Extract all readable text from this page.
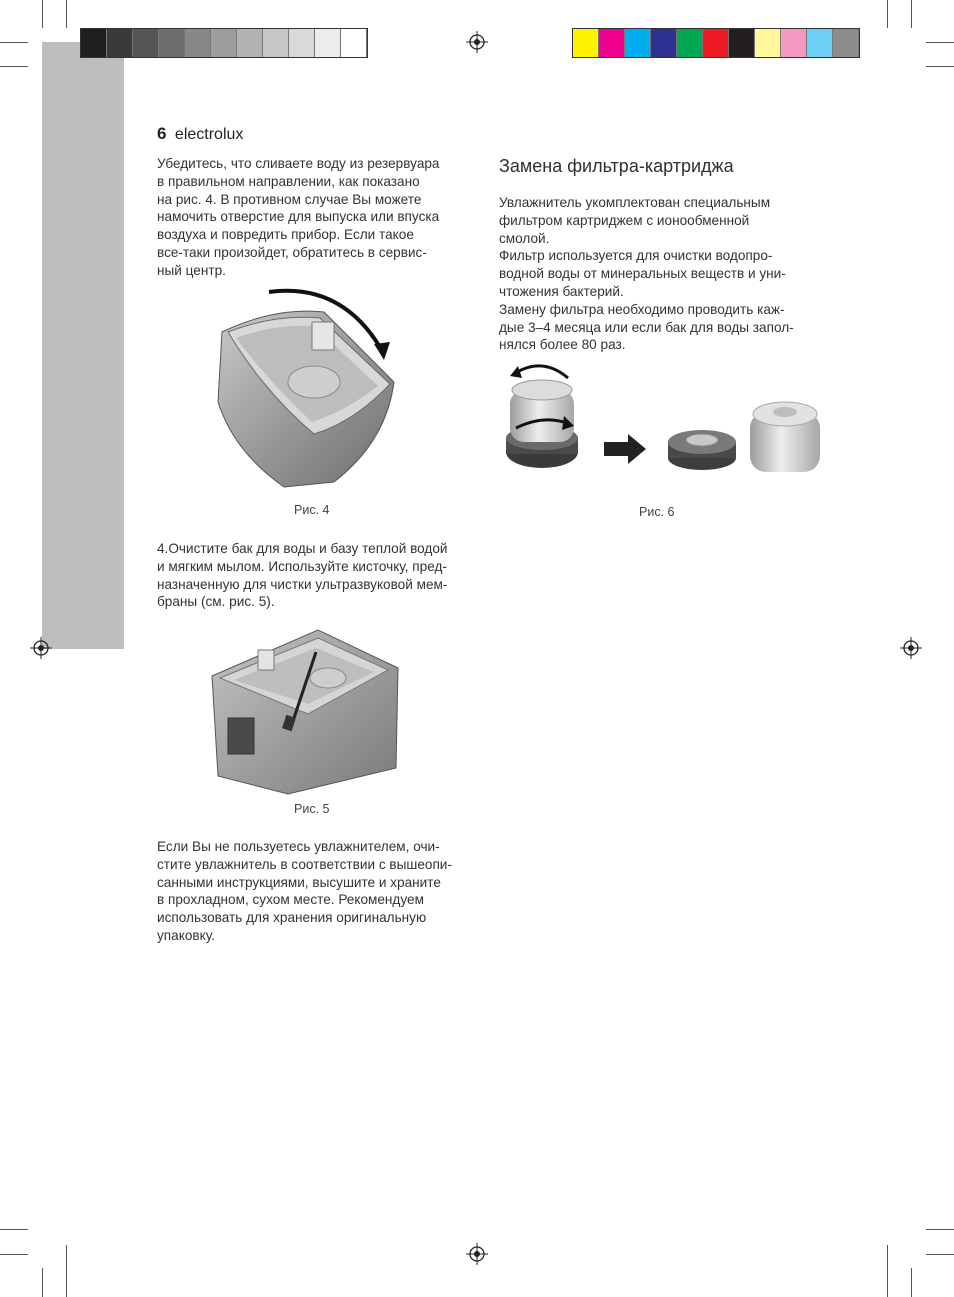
6 electrolux
Убедитесь, что сливаете воду из резервуара
в правильном направлении, как показано
на рис. 4. В противном случае Вы можете
намочить отверстие для выпуска или впуска
воздуха и повредить прибор. Если такое
все-таки произойдет, обратитесь в сервис-
ный центр.
Рис. 4
4.Очистите бак для воды и базу теплой водой
и мягким мылом. Используйте кисточку, пред-
назначенную для чистки ультразвуковой мем-
браны (см. рис. 5).
Рис. 5
Если Вы не пользуетесь увлажнителем, очи-
стите увлажнитель в соответствии с вышеопи-
санными инструкциями, высушите и храните
в прохладном, сухом месте. Рекомендуем
использовать для хранения оригинальную
упаковку.
Замена фильтра-картриджа
Увлажнитель укомплектован специальным
фильтром картриджем с ионообменной
смолой.
Фильтр используется для очистки водопро-
водной воды от минеральных веществ и уни-
чтожения бактерий.
Замену фильтра необходимо проводить каж-
дые 3–4 месяца или если бак для воды запол-
нялся более 80 раз.
Рис. 6
